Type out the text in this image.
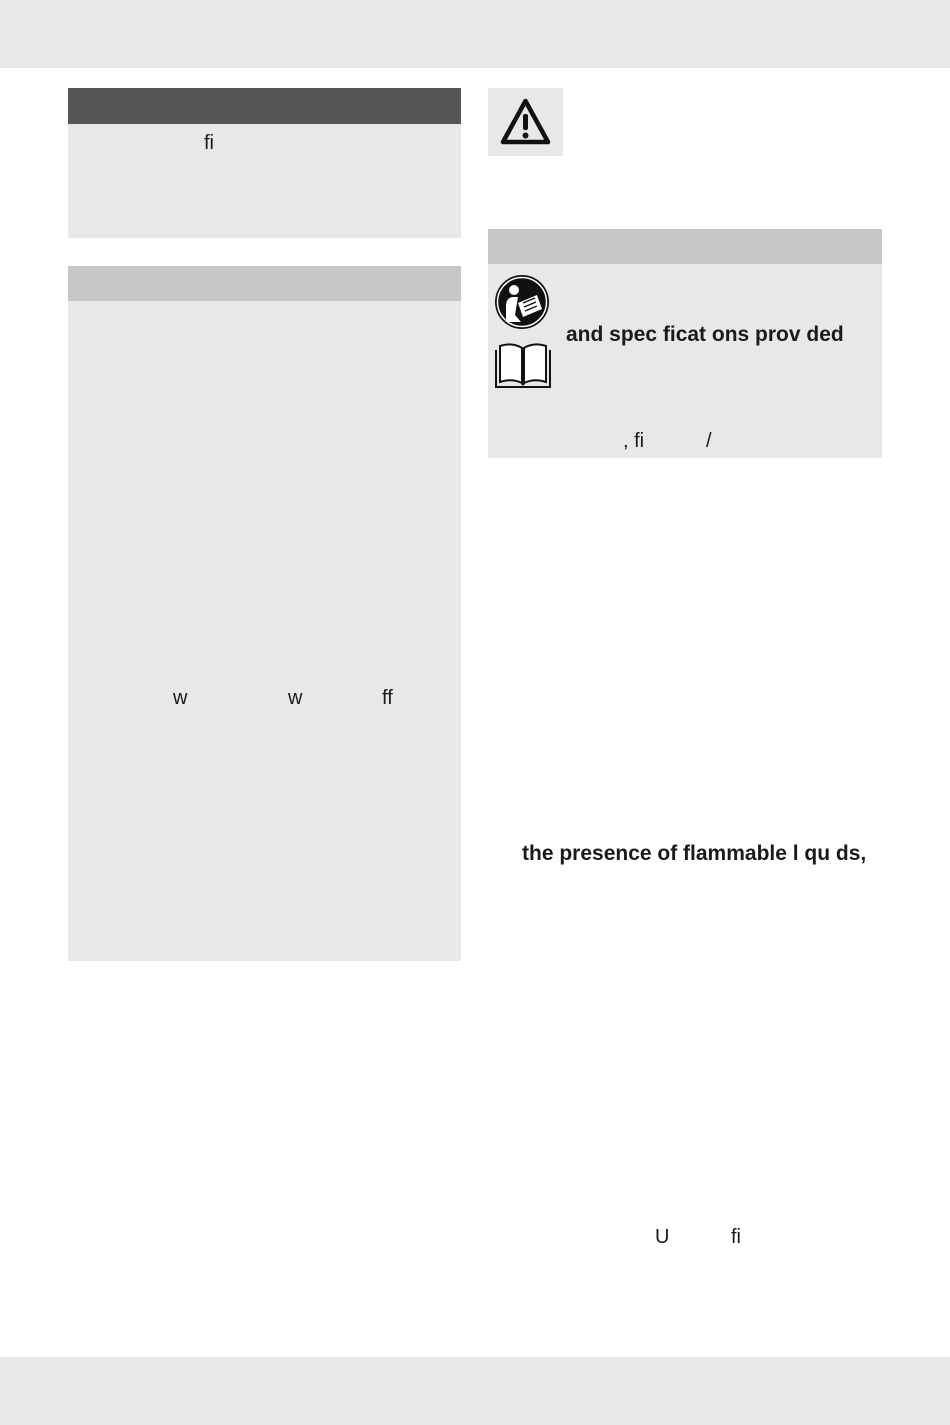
fi
w	w	ff
and spec ficat ons prov ded
, fi	/
the presence of flammable l qu ds,
U	fi
